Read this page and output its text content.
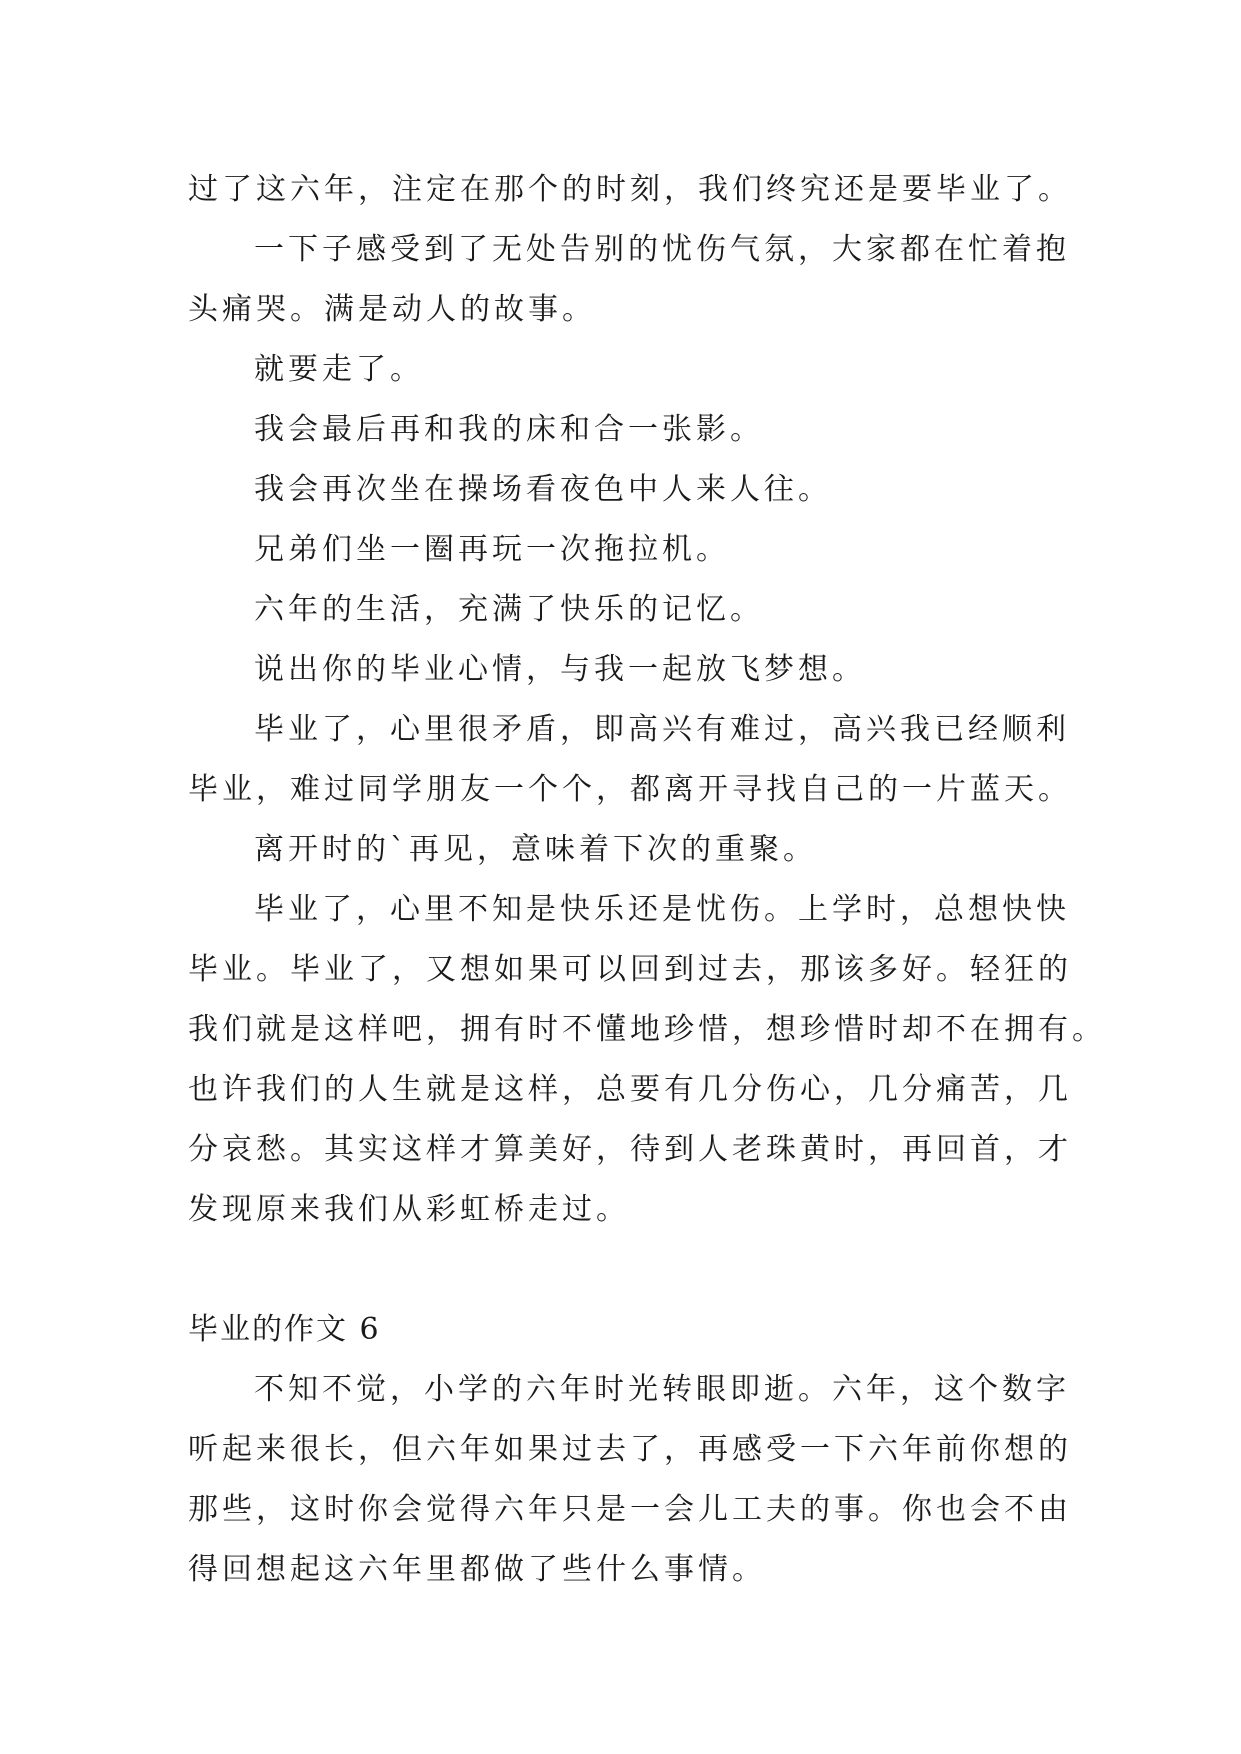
过了这六年，注定在那个的时刻，我们终究还是要毕业了。
一下子感受到了无处告别的忧伤气氛，大家都在忙着抱
头痛哭。满是动人的故事。
就要走了。
我会最后再和我的床和合一张影。
我会再次坐在操场看夜色中人来人往。
兄弟们坐一圈再玩一次拖拉机。
六年的生活，充满了快乐的记忆。
说出你的毕业心情，与我一起放飞梦想。
毕业了，心里很矛盾，即高兴有难过，高兴我已经顺利
毕业，难过同学朋友一个个，都离开寻找自己的一片蓝天。
离开时的`再见，意味着下次的重聚。
毕业了，心里不知是快乐还是忧伤。上学时，总想快快
毕业。毕业了，又想如果可以回到过去，那该多好。轻狂的
我们就是这样吧，拥有时不懂地珍惜，想珍惜时却不在拥有。
也许我们的人生就是这样，总要有几分伤心，几分痛苦，几
分哀愁。其实这样才算美好，待到人老珠黄时，再回首，才
发现原来我们从彩虹桥走过。
毕业的作文 6
不知不觉，小学的六年时光转眼即逝。六年，这个数字
听起来很长，但六年如果过去了，再感受一下六年前你想的
那些，这时你会觉得六年只是一会儿工夫的事。你也会不由
得回想起这六年里都做了些什么事情。
